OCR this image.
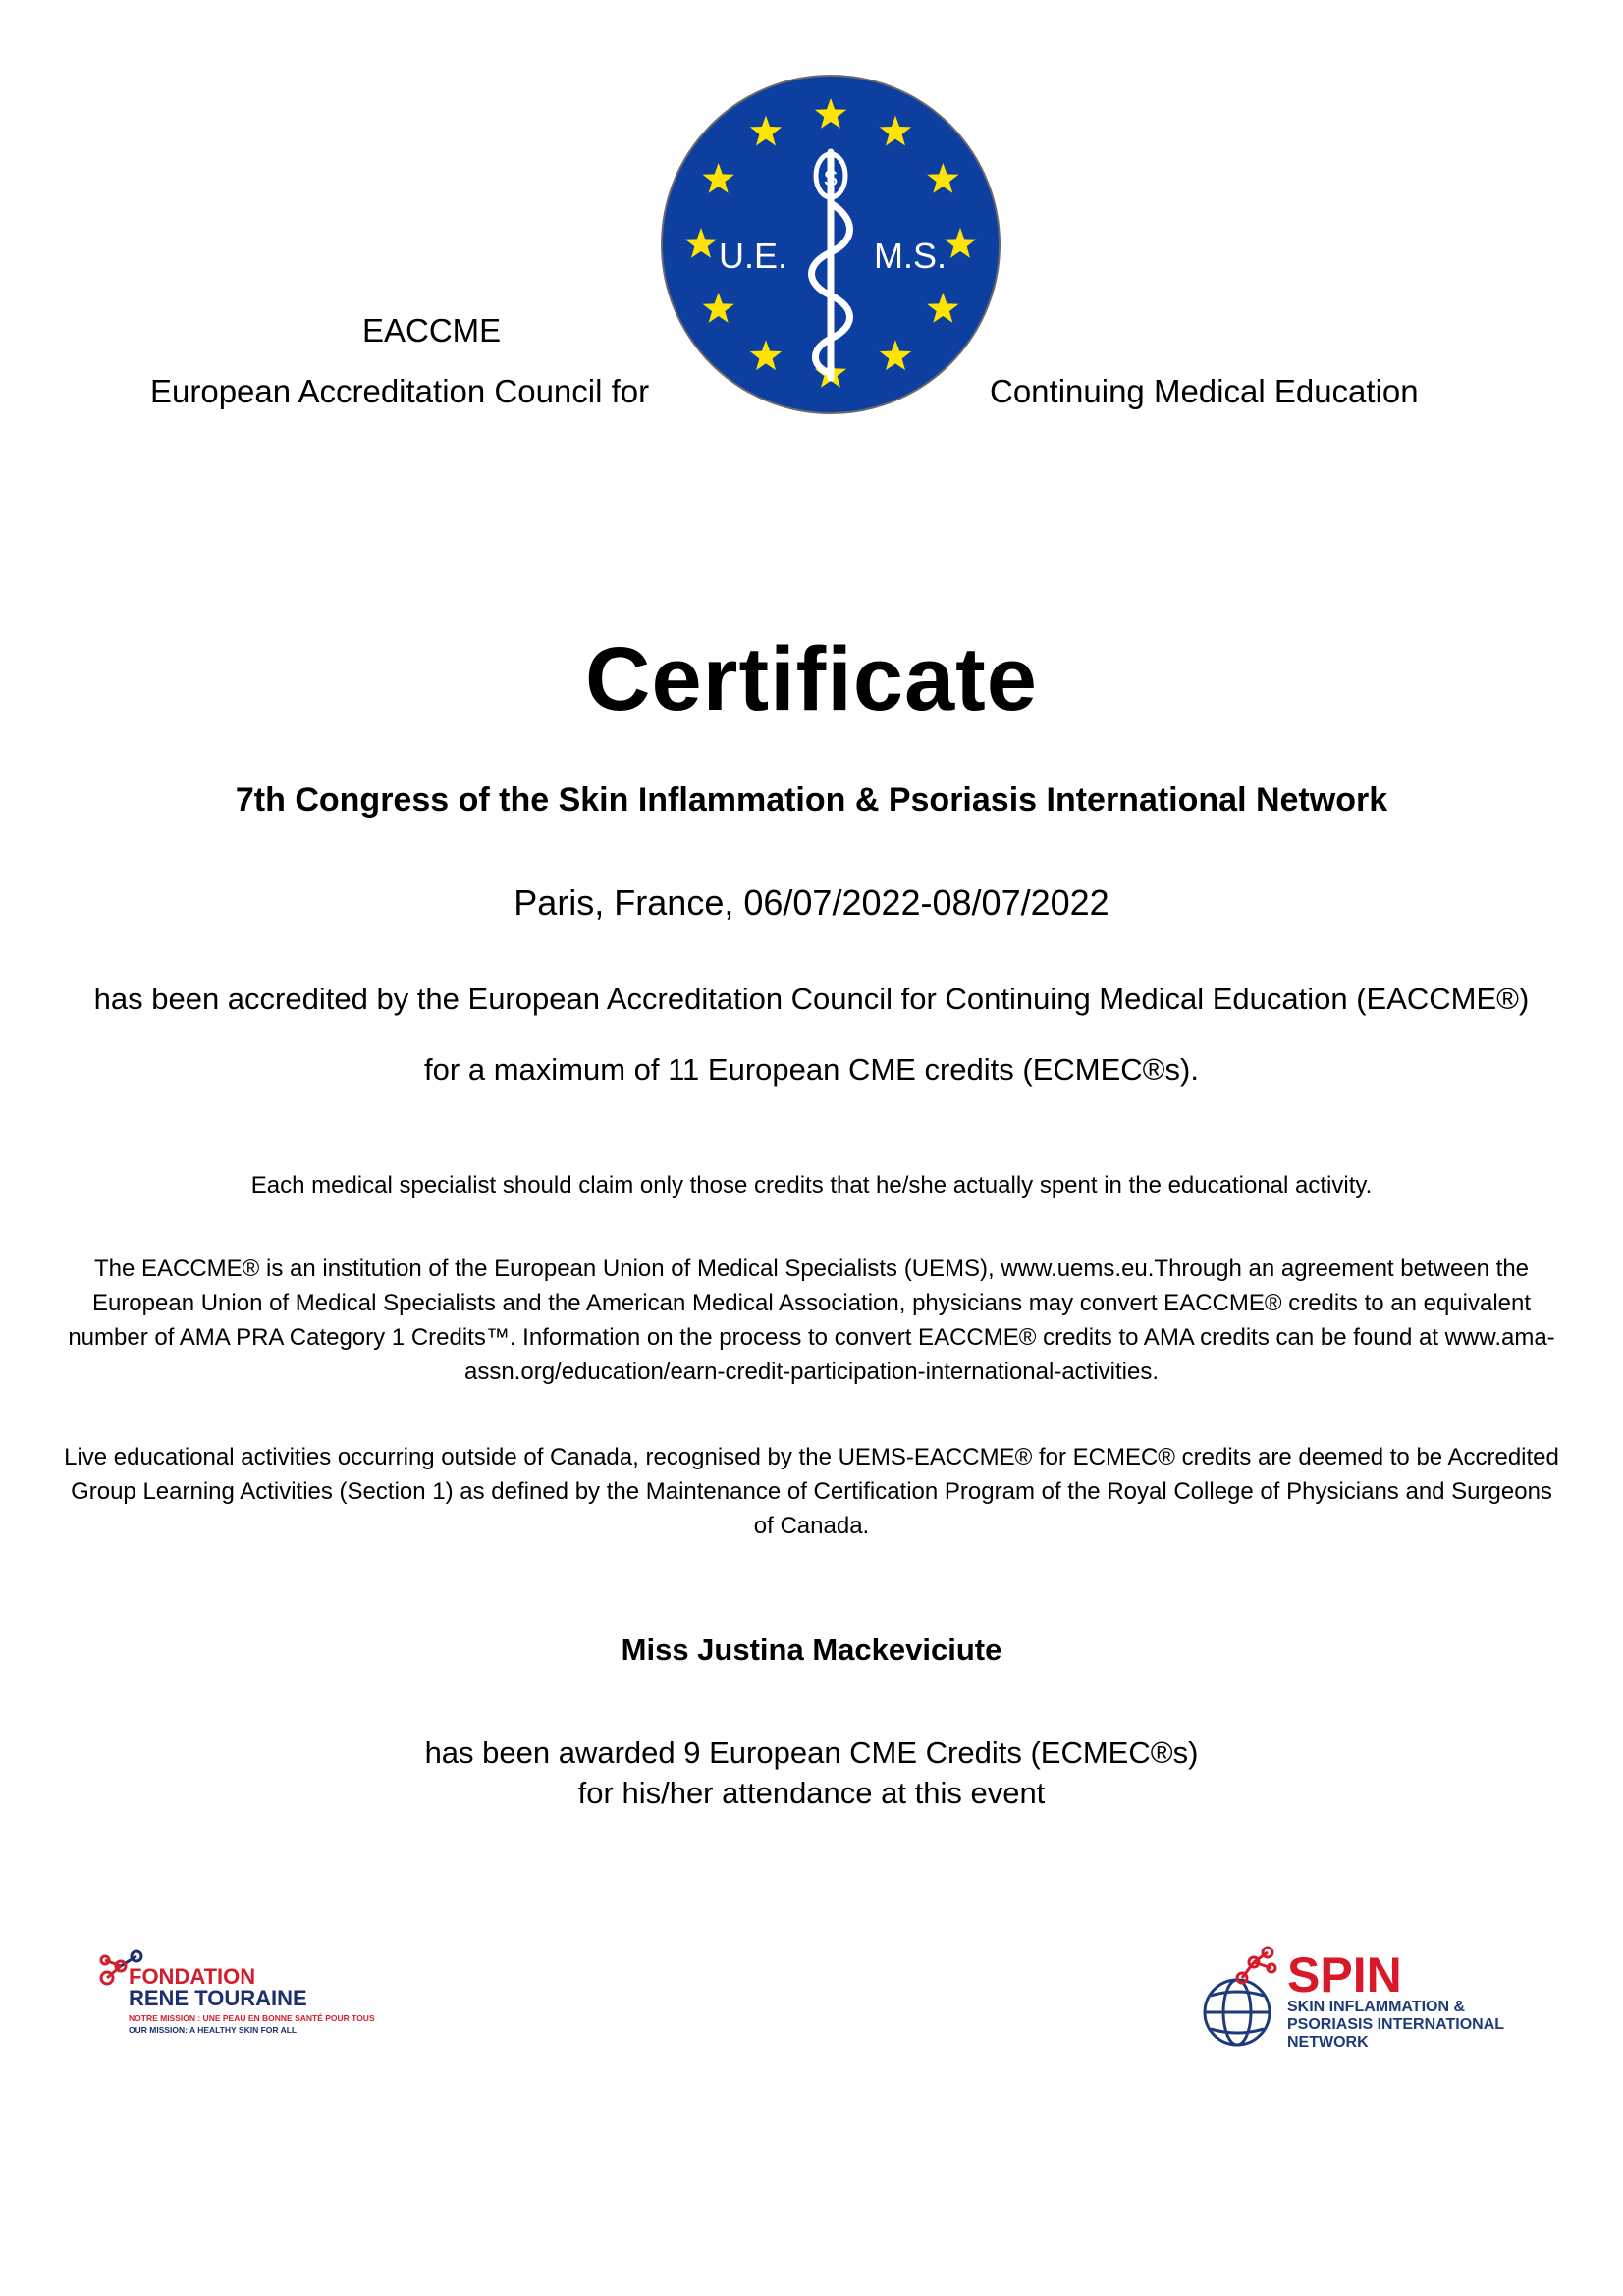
EACCME
European Accreditation Council for	Continuing Medical Education
S
U.E. M.S.
Certificate
7th Congress of the Skin Inflammation & Psoriasis International Network
Paris, France, 06/07/2022-08/07/2022
has been accredited by the European Accreditation Council for Continuing Medical Education (EACCME®)
for a maximum of 11 European CME credits (ECMEC®s).
Each medical specialist should claim only those credits that he/she actually spent in the educational activity.
The EACCME® is an institution of the European Union of Medical Specialists (UEMS), www.uems.eu.Through an agreement between the European Union of Medical Specialists and the American Medical Association, physicians may convert EACCME® credits to an equivalent number of AMA PRA Category 1 Credits™. Information on the process to convert EACCME® credits to AMA credits can be found at www.ama-assn.org/education/earn-credit-participation-international-activities.
Live educational activities occurring outside of Canada, recognised by the UEMS-EACCME® for ECMEC® credits are deemed to be Accredited Group Learning Activities (Section 1) as defined by the Maintenance of Certification Program of the Royal College of Physicians and Surgeons of Canada.
Miss Justina Mackeviciute
has been awarded 9 European CME Credits (ECMEC®s)
for his/her attendance at this event
FONDATION
RENE TOURAINE
NOTRE MISSION : UNE PEAU EN BONNE SANTÉ POUR TOUS
OUR MISSION: A HEALTHY SKIN FOR ALL
SPIN
SKIN INFLAMMATION &
PSORIASIS INTERNATIONAL
NETWORK
